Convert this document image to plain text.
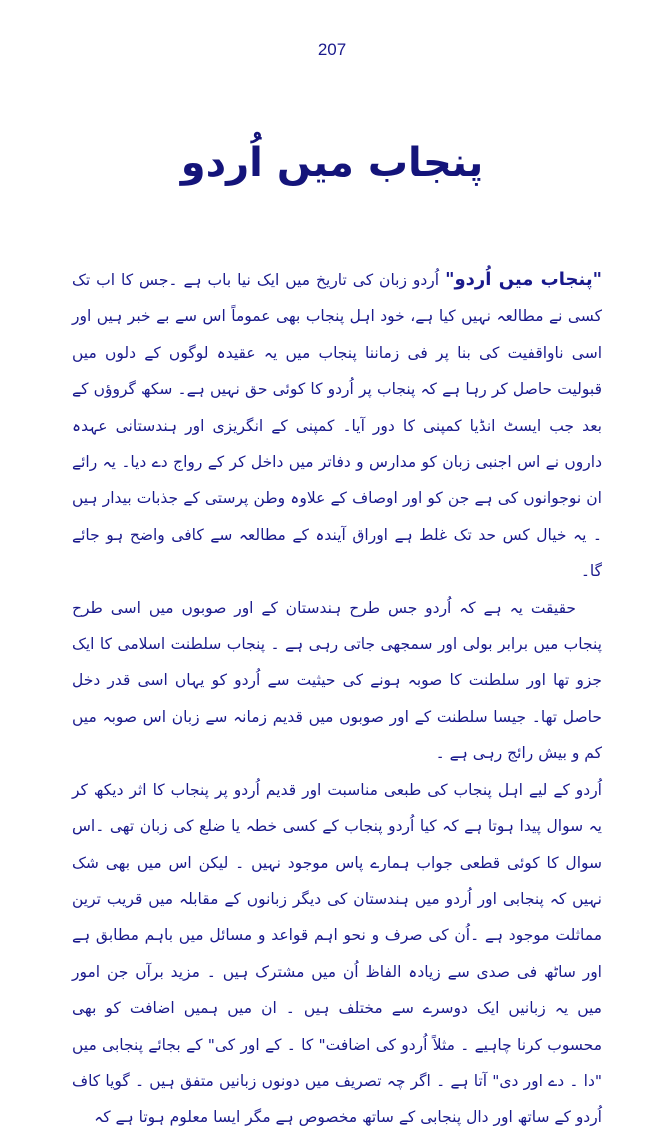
207
پنجاب میں اُردو

"پنجاب میں اُردو" اُردو زبان کی تاریخ میں ایک نیا باب ہے ۔جس کا اب تک کسی نے مطالعہ نہیں کیا ہے، خود اہل پنجاب بھی عموماً اس سے بے خبر ہیں اور اسی ناواقفیت کی بنا پر فی زماننا پنجاب میں یہ عقیدہ لوگوں کے دلوں میں قبولیت حاصل کر رہا ہے کہ پنجاب پر اُردو کا کوئی حق نہیں ہے۔ سکھ گروؤں کے بعد جب ایسٹ انڈیا کمپنی کا دور آیا۔ کمپنی کے انگریزی اور ہندستانی عہدہ داروں نے اس اجنبی زبان کو مدارس و دفاتر میں داخل کر کے رواج دے دیا۔ یہ رائے ان نوجوانوں کی ہے جن کو اور اوصاف کے علاوہ وطن پرستی کے جذبات بیدار ہیں ۔ یہ خیال کس حد تک غلط ہے اوراق آیندہ کے مطالعہ سے کافی واضح ہو جائے گا۔

حقیقت یہ ہے کہ اُردو جس طرح ہندستان کے اور صوبوں میں اسی طرح پنجاب میں برابر بولی اور سمجھی جاتی رہی ہے ۔ پنجاب سلطنت اسلامی کا ایک جزو تھا اور سلطنت کا صوبہ ہونے کی حیثیت سے اُردو کو یہاں اسی قدر دخل حاصل تھا۔ جیسا سلطنت کے اور صوبوں میں قدیم زمانہ سے زبان اس صوبہ میں کم و بیش رائج رہی ہے ۔

اُردو کے لیے اہل پنجاب کی طبعی مناسبت اور قدیم اُردو پر پنجاب کا اثر دیکھ کر یہ سوال پیدا ہوتا ہے کہ کیا اُردو پنجاب کے کسی خطہ یا ضلع کی زبان تھی ۔اس سوال کا کوئی قطعی جواب ہمارے پاس موجود نہیں ۔ لیکن اس میں بھی شک نہیں کہ پنجابی اور اُردو میں ہندستان کی دیگر زبانوں کے مقابلہ میں قریب ترین مماثلت موجود ہے ۔اُن کی صرف و نحو اہم قواعد و مسائل میں باہم مطابق ہے اور ساٹھ فی صدی سے زیادہ الفاظ اُن میں مشترک ہیں ۔ مزید برآں جن امور میں یہ زبانیں ایک دوسرے سے مختلف ہیں ۔ ان میں ہمیں اضافت کو بھی محسوب کرنا چاہیے ۔ مثلاً اُردو کی اضافت" کا ۔ کے اور کی" کے بجائے پنجابی میں "دا ۔ دے اور دی" آتا ہے ۔ اگر چہ تصریف میں دونوں زبانیں متفق ہیں ۔ گویا کاف اُردو کے ساتھ اور دال پنجابی کے ساتھ مخصوص ہے مگر ایسا معلوم ہوتا ہے کہ
